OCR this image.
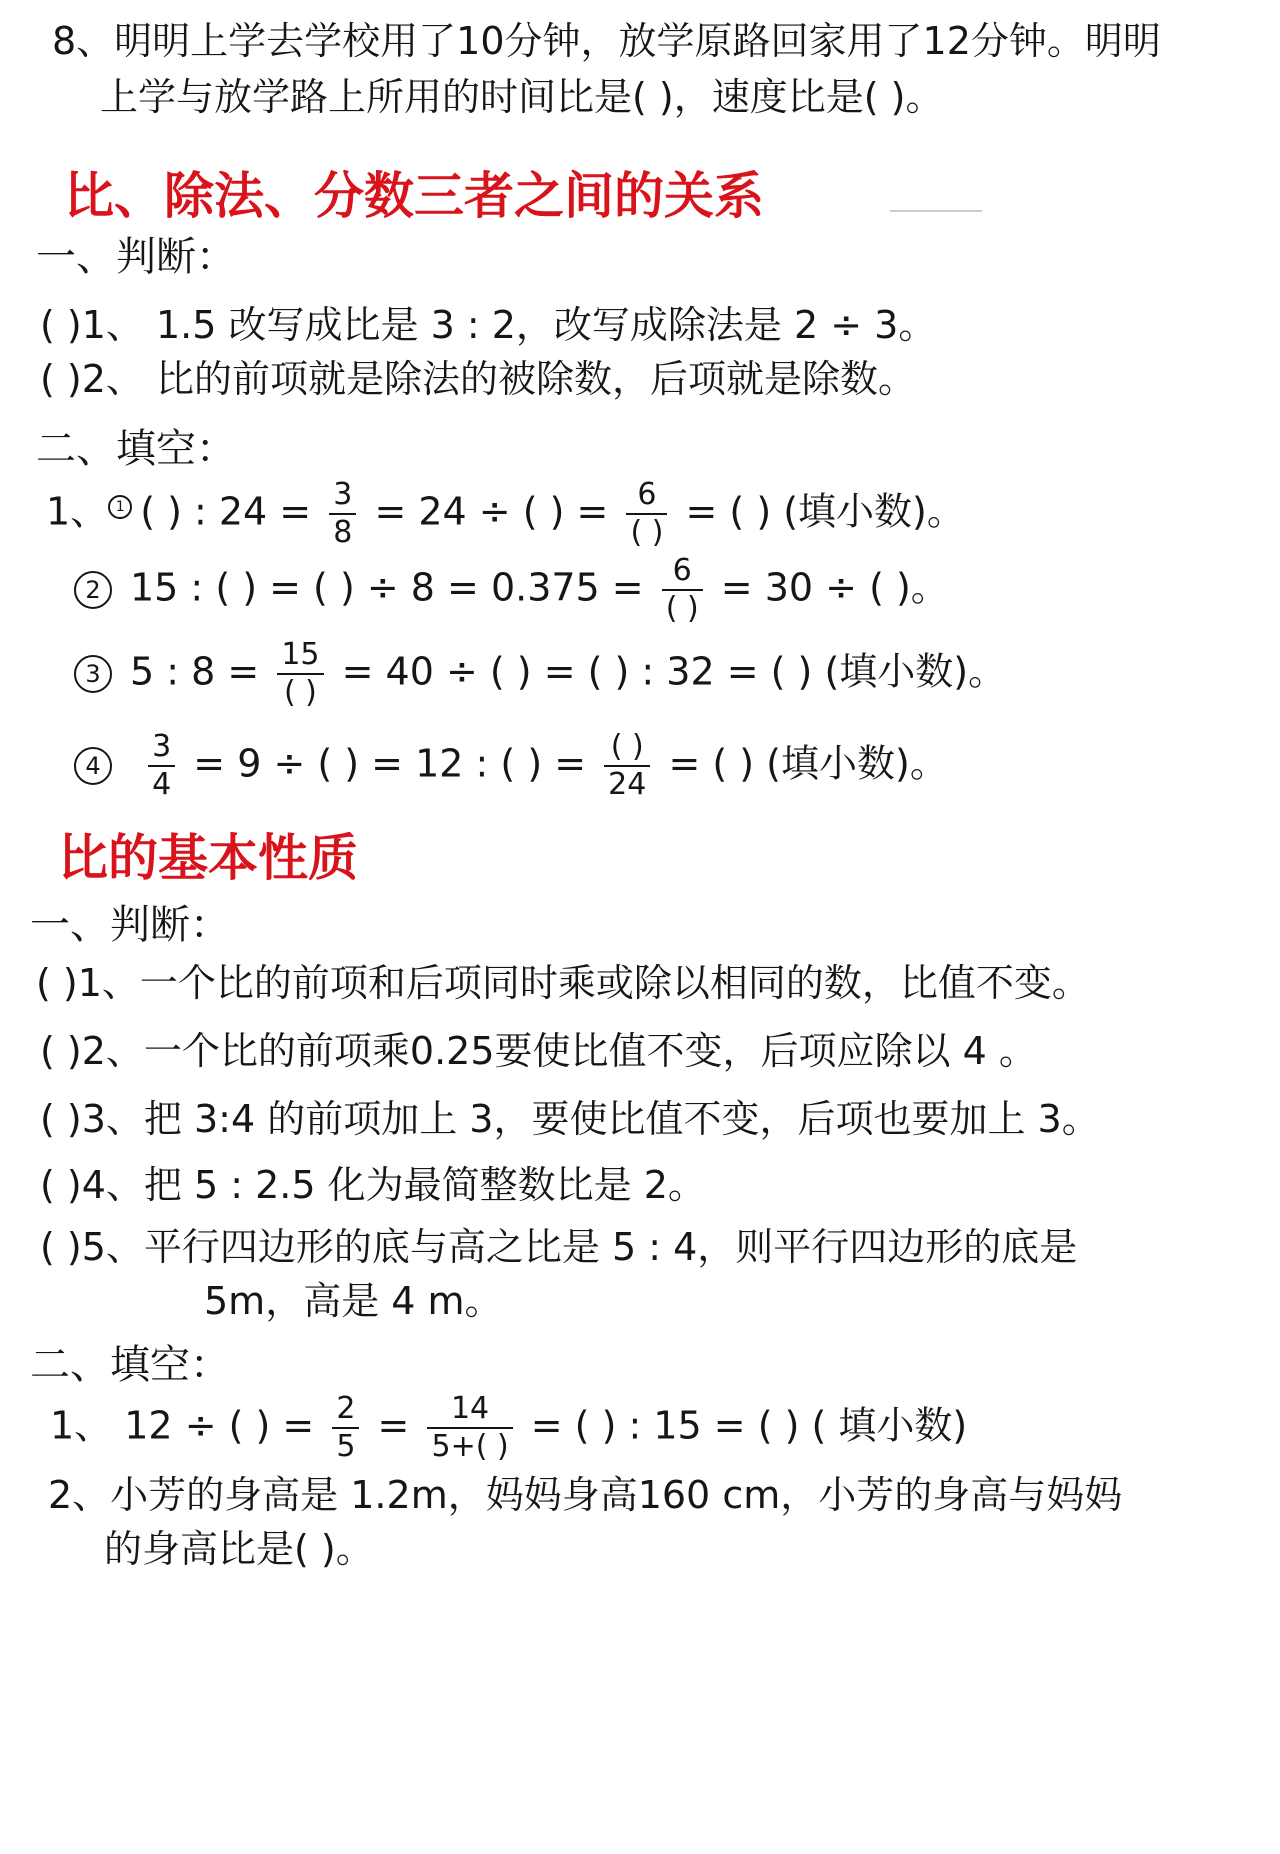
8、明明上学去学校用了10分钟，放学原路回家用了12分钟。明明
上学与放学路上所用的时间比是( )，速度比是( )。
比、除法、分数三者之间的关系
一、判断：
( )1、 1.5 改写成比是 3 : 2，改写成除法是 2 ÷ 3。
( )2、 比的前项就是除法的被除数，后项就是除数。
二、填空：
1、 1 ( ) : $24 = \frac{3}{8} = 24$ ÷ ( ) = $\frac{6}{( )}$ = ( ) (填小数)。
2 15 : ( ) = ( ) ÷ $8 = 0.375 = \frac{6}{( )} = 30$ ÷ ( )。
3 5 : $8 = \frac{15}{( )} = 40$ ÷ ( ) = ( ) : 32 = ( ) (填小数)。
$4 \frac{3}{4} = 9$ ÷ ( ) = 12 : ( ) = $\frac{( )}{24}$ = ( ) (填小数)。
比的基本性质
一、判断：
( )1、一个比的前项和后项同时乘或除以相同的数，比值不变。
( )2、一个比的前项乘0.25要使比值不变，后项应除以 4 。
( )3、把 3:4 的前项加上 3，要使比值不变，后项也要加上 3。
( )4、把 5 : 2.5 化为最简整数比是 2。
( )5、平行四边形的底与高之比是 5 : 4，则平行四边形的底是
5m，高是 4 m。
二、填空：
1、 12 ÷ ( ) = $\frac{2}{5} = \frac{14}{5+( )}$ = ( ) : 15 = ( ) ( 填小数)
2、小芳的身高是 1.2m，妈妈身高160 cm，小芳的身高与妈妈
的身高比是( )。
